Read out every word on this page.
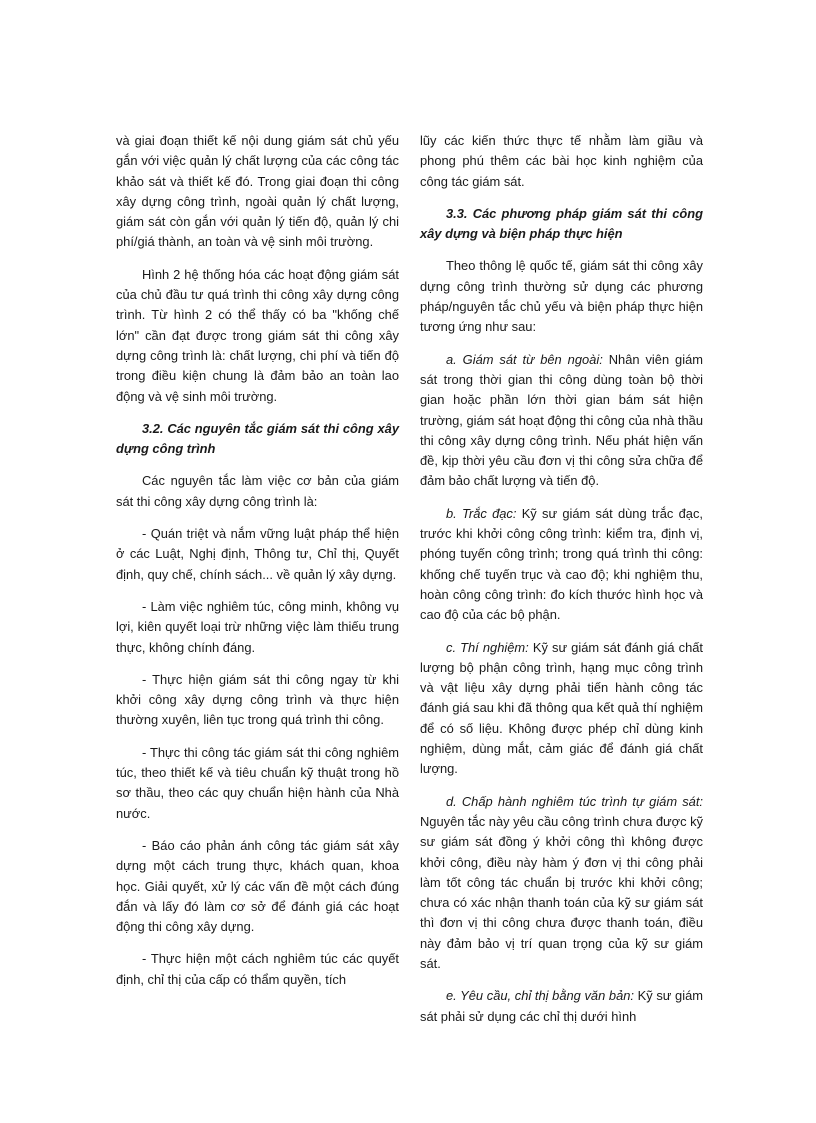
và giai đoạn thiết kế nội dung giám sát chủ yếu gắn với việc quản lý chất lượng của các công tác khảo sát và thiết kế đó. Trong giai đoạn thi công xây dựng công trình, ngoài quản lý chất lượng, giám sát còn gắn với quản lý tiến độ, quản lý chi phí/giá thành, an toàn và vệ sinh môi trường.

Hình 2 hệ thống hóa các hoạt động giám sát của chủ đầu tư quá trình thi công xây dựng công trình. Từ hình 2 có thể thấy có ba "khống chế lớn" cần đạt được trong giám sát thi công xây dựng công trình là: chất lượng, chi phí và tiến độ trong điều kiện chung là đảm bảo an toàn lao động và vệ sinh môi trường.

3.2. Các nguyên tắc giám sát thi công xây dựng công trình

Các nguyên tắc làm việc cơ bản của giám sát thi công xây dựng công trình là:

- Quán triệt và nắm vững luật pháp thể hiện ở các Luật, Nghị định, Thông tư, Chỉ thị, Quyết định, quy chế, chính sách... về quản lý xây dựng.

- Làm việc nghiêm túc, công minh, không vụ lợi, kiên quyết loại trừ những việc làm thiếu trung thực, không chính đáng.

- Thực hiện giám sát thi công ngay từ khi khởi công xây dựng công trình và thực hiện thường xuyên, liên tục trong quá trình thi công.

- Thực thi công tác giám sát thi công nghiêm túc, theo thiết kế và tiêu chuẩn kỹ thuật trong hồ sơ thầu, theo các quy chuẩn hiện hành của Nhà nước.

- Báo cáo phản ánh công tác giám sát xây dựng một cách trung thực, khách quan, khoa học. Giải quyết, xử lý các vấn đề một cách đúng đắn và lấy đó làm cơ sở để đánh giá các hoạt động thi công xây dựng.

- Thực hiện một cách nghiêm túc các quyết định, chỉ thị của cấp có thẩm quyền, tích

lũy các kiến thức thực tế nhằm làm giầu và phong phú thêm các bài học kinh nghiệm của công tác giám sát.

3.3. Các phương pháp giám sát thi công xây dựng và biện pháp thực hiện

Theo thông lệ quốc tế, giám sát thi công xây dựng công trình thường sử dụng các phương pháp/nguyên tắc chủ yếu và biện pháp thực hiện tương ứng như sau:

a. Giám sát từ bên ngoài: Nhân viên giám sát trong thời gian thi công dùng toàn bộ thời gian hoặc phần lớn thời gian bám sát hiện trường, giám sát hoạt động thi công của nhà thầu thi công xây dựng công trình. Nếu phát hiện vấn đề, kịp thời yêu cầu đơn vị thi công sửa chữa để đảm bảo chất lượng và tiến độ.

b. Trắc đạc: Kỹ sư giám sát dùng trắc đạc, trước khi khởi công công trình: kiểm tra, định vị, phóng tuyến công trình; trong quá trình thi công: khống chế tuyến trục và cao độ; khi nghiệm thu, hoàn công công trình: đo kích thước hình học và cao độ của các bộ phận.

c. Thí nghiệm: Kỹ sư giám sát đánh giá chất lượng bộ phận công trình, hạng mục công trình và vật liệu xây dựng phải tiến hành công tác đánh giá sau khi đã thông qua kết quả thí nghiệm để có số liệu. Không được phép chỉ dùng kinh nghiệm, dùng mắt, cảm giác để đánh giá chất lượng.

d. Chấp hành nghiêm túc trình tự giám sát: Nguyên tắc này yêu cầu công trình chưa được kỹ sư giám sát đồng ý khởi công thì không được khởi công, điều này hàm ý đơn vị thi công phải làm tốt công tác chuẩn bị trước khi khởi công; chưa có xác nhận thanh toán của kỹ sư giám sát thì đơn vị thi công chưa được thanh toán, điều này đảm bảo vị trí quan trọng của kỹ sư giám sát.

e. Yêu cầu, chỉ thị bằng văn bản: Kỹ sư giám sát phải sử dụng các chỉ thị dưới hình
